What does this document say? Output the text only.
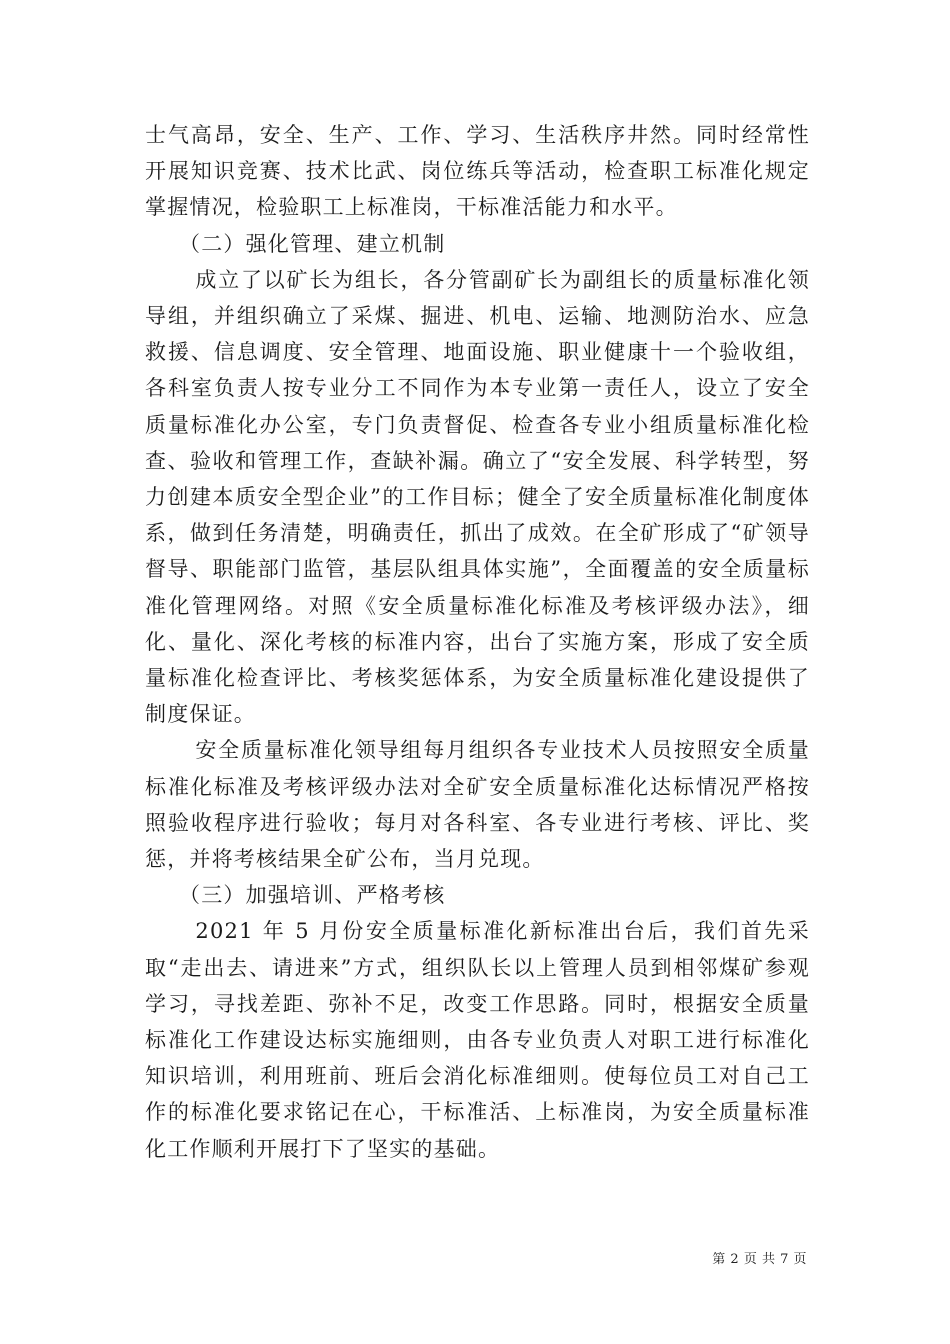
士气高昂，安全、生产、工作、学习、生活秩序井然。同时经常性开展知识竞赛、技术比武、岗位练兵等活动，检查职工标准化规定掌握情况，检验职工上标准岗，干标准活能力和水平。

（二）强化管理、建立机制

成立了以矿长为组长，各分管副矿长为副组长的质量标准化领导组，并组织确立了采煤、掘进、机电、运输、地测防治水、应急救援、信息调度、安全管理、地面设施、职业健康十一个验收组，各科室负责人按专业分工不同作为本专业第一责任人，设立了安全质量标准化办公室，专门负责督促、检查各专业小组质量标准化检查、验收和管理工作，查缺补漏。确立了“安全发展、科学转型，努力创建本质安全型企业”的工作目标；健全了安全质量标准化制度体系，做到任务清楚，明确责任，抓出了成效。在全矿形成了“矿领导督导、职能部门监管，基层队组具体实施”，全面覆盖的安全质量标准化管理网络。对照《安全质量标准化标准及考核评级办法》，细化、量化、深化考核的标准内容，出台了实施方案，形成了安全质量标准化检查评比、考核奖惩体系，为安全质量标准化建设提供了制度保证。

安全质量标准化领导组每月组织各专业技术人员按照安全质量标准化标准及考核评级办法对全矿安全质量标准化达标情况严格按照验收程序进行验收；每月对各科室、各专业进行考核、评比、奖惩，并将考核结果全矿公布，当月兑现。

（三）加强培训、严格考核

2021 年 5 月份安全质量标准化新标准出台后，我们首先采取“走出去、请进来”方式，组织队长以上管理人员到相邻煤矿参观学习，寻找差距、弥补不足，改变工作思路。同时，根据安全质量标准化工作建设达标实施细则，由各专业负责人对职工进行标准化知识培训，利用班前、班后会消化标准细则。使每位员工对自己工作的标准化要求铭记在心，干标准活、上标准岗，为安全质量标准化工作顺利开展打下了坚实的基础。

第 2 页 共 7 页
